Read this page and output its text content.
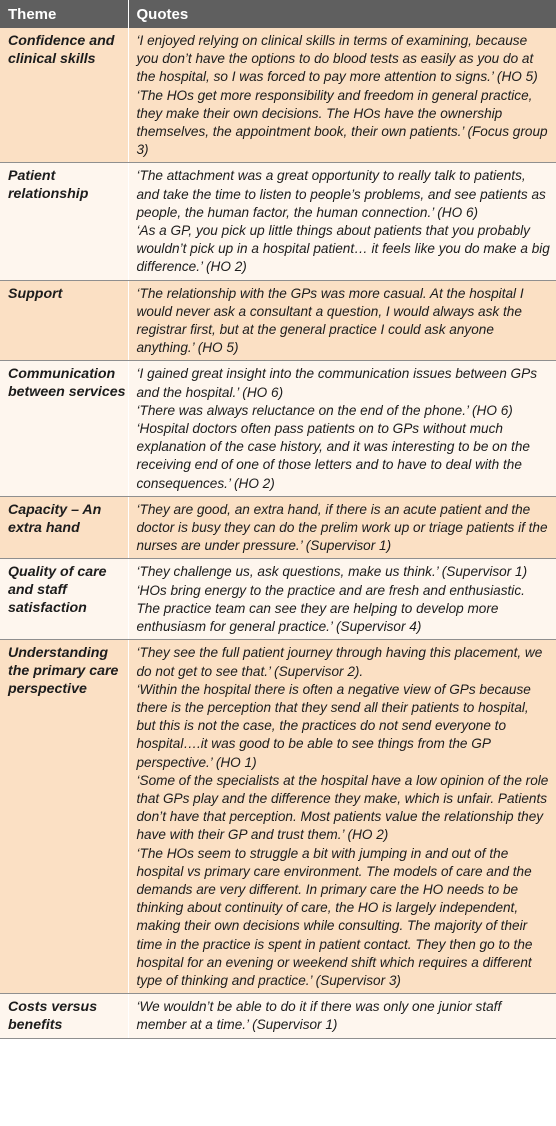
Theme	Quotes
Confidence and clinical skills	‘I enjoyed relying on clinical skills in terms of examining, because you don’t have the options to do blood tests as easily as you do at the hospital, so I was forced to pay more attention to signs.’ (HO 5)
‘The HOs get more responsibility and freedom in general practice, they make their own decisions. The HOs have the ownership themselves, the appointment book, their own patients.’ (Focus group 3)

Patient relationship	‘The attachment was a great opportunity to really talk to patients, and take the time to listen to people’s problems, and see patients as people, the human factor, the human connection.’ (HO 6)
‘As a GP, you pick up little things about patients that you probably wouldn’t pick up in a hospital patient… it feels like you do make a big difference.’ (HO 2)

Support	‘The relationship with the GPs was more casual. At the hospital I would never ask a consultant a question, I would always ask the registrar first, but at the general practice I could ask anyone anything.’ (HO 5)

Communication between services	‘I gained great insight into the communication issues between GPs and the hospital.’ (HO 6)
‘There was always reluctance on the end of the phone.’ (HO 6)
‘Hospital doctors often pass patients on to GPs without much explanation of the case history, and it was interesting to be on the receiving end of one of those letters and to have to deal with the consequences.’ (HO 2)

Capacity – An extra hand	‘They are good, an extra hand, if there is an acute patient and the doctor is busy they can do the prelim work up or triage patients if the nurses are under pressure.’ (Supervisor 1)

Quality of care and staff satisfaction	‘They challenge us, ask questions, make us think.’ (Supervisor 1)
‘HOs bring energy to the practice and are fresh and enthusiastic. The practice team can see they are helping to develop more enthusiasm for general practice.’ (Supervisor 4)

Understanding the primary care perspective	‘They see the full patient journey through having this placement, we do not get to see that.’ (Supervisor 2).
‘Within the hospital there is often a negative view of GPs because there is the perception that they send all their patients to hospital, but this is not the case, the practices do not send everyone to hospital….it was good to be able to see things from the GP perspective.’ (HO 1)
‘Some of the specialists at the hospital have a low opinion of the role that GPs play and the difference they make, which is unfair. Patients don’t have that perception. Most patients value the relationship they have with their GP and trust them.’ (HO 2)
‘The HOs seem to struggle a bit with jumping in and out of the hospital vs primary care environment. The models of care and the demands are very different. In primary care the HO needs to be thinking about continuity of care, the HO is largely independent, making their own decisions while consulting. The majority of their time in the practice is spent in patient contact. They then go to the hospital for an evening or weekend shift which requires a different type of thinking and practice.’ (Supervisor 3)

Costs versus benefits	‘We wouldn’t be able to do it if there was only one junior staff member at a time.’ (Supervisor 1)
